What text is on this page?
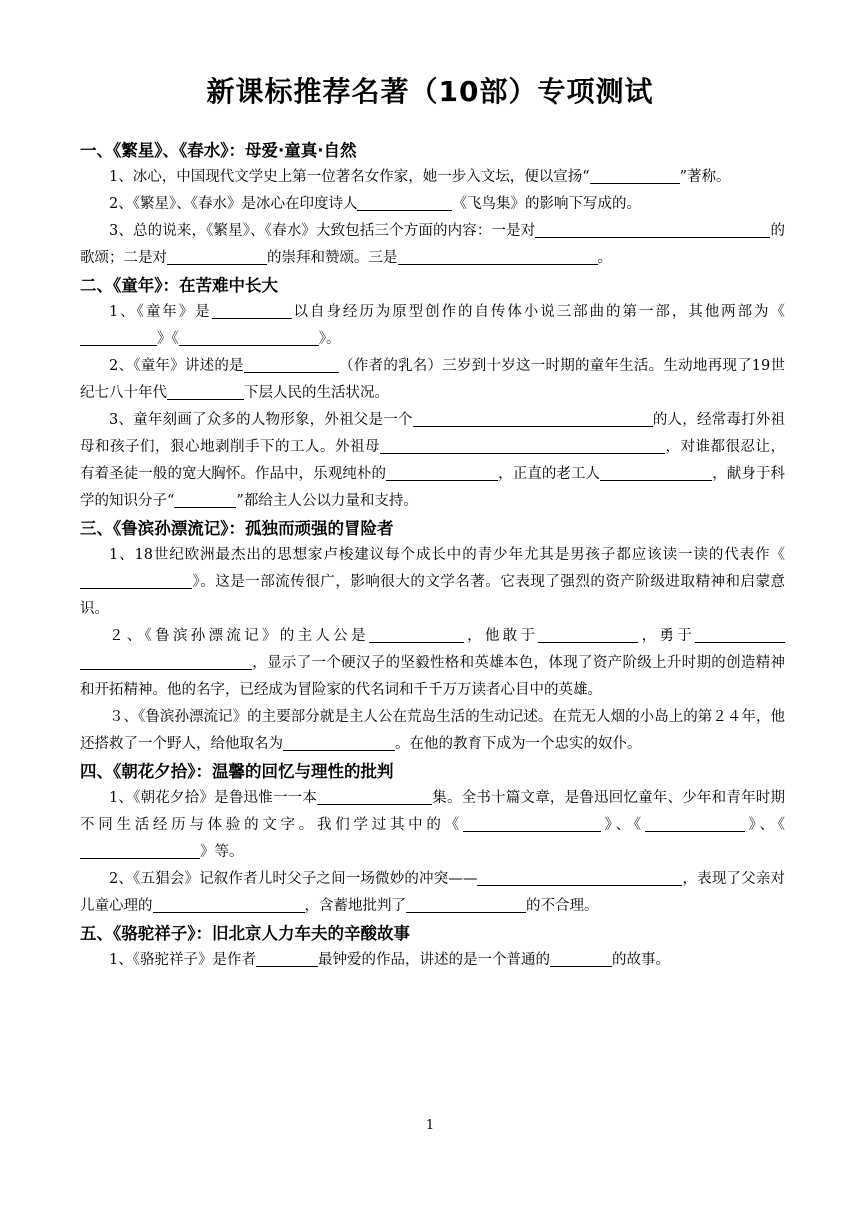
新课标推荐名著（10部）专项测试
一、《繁星》、《春水》：母爱·童真·自然

1、冰心，中国现代文学史上第一位著名女作家，她一步入文坛，便以宣扬“	”著称。

2、《繁星》、《春水》是冰心在印度诗人	《飞鸟集》的影响下写成的。

3、总的说来，《繁星》、《春水》大致包括三个方面的内容：一是对	的歌颂；二是对	的崇拜和赞颂。三是	。

二、《童年》：在苦难中长大

1、《童年》是	以自身经历为原型创作的自传体小说三部曲的第一部，其他两部为《》《	》。

2、《童年》讲述的是	（作者的乳名）三岁到十岁这一时期的童年生活。生动地再现了19世纪七八十年代	下层人民的生活状况。

3、童年刻画了众多的人物形象，外祖父是一个	的人，经常毒打外祖母和孩子们，狠心地剥削手下的工人。外祖母	，对谁都很忍让，有着圣徒一般的宽大胸怀。作品中，乐观纯朴的	，正直的老工人	，献身于科学的知识分子“	”都给主人公以力量和支持。

三、《鲁滨孙漂流记》：孤独而顽强的冒险者

1、18世纪欧洲最杰出的思想家卢梭建议每个成长中的青少年尤其是男孩子都应该读一读的代表作《》。这是一部流传很广，影响很大的文学名著。它表现了强烈的资产阶级进取精神和启蒙意识。

２、《鲁滨孙漂流记》的主人公是	，他敢于	，勇于，显示了一个硬汉子的坚毅性格和英雄本色，体现了资产阶级上升时期的创造精神和开拓精神。他的名字，已经成为冒险家的代名词和千千万万读者心目中的英雄。

３、《鲁滨孙漂流记》的主要部分就是主人公在荒岛生活的生动记述。在荒无人烟的小岛上的第２４年，他还搭救了一个野人，给他取名为	。在他的教育下成为一个忠实的奴仆。

四、《朝花夕拾》：温馨的回忆与理性的批判

1、《朝花夕拾》是鲁迅惟一一本	集。全书十篇文章，是鲁迅回忆童年、少年和青年时期不同生活经历与体验的文字。我们学过其中的《	》、《	》、《》等。

2、《五猖会》记叙作者儿时父子之间一场微妙的冲突——	，表现了父亲对儿童心理的	，含蓄地批判了	的不合理。

五、《骆驼祥子》：旧北京人力车夫的辛酸故事

1、《骆驼祥子》是作者	最钟爱的作品，讲述的是一个普通的	的故事。

1
